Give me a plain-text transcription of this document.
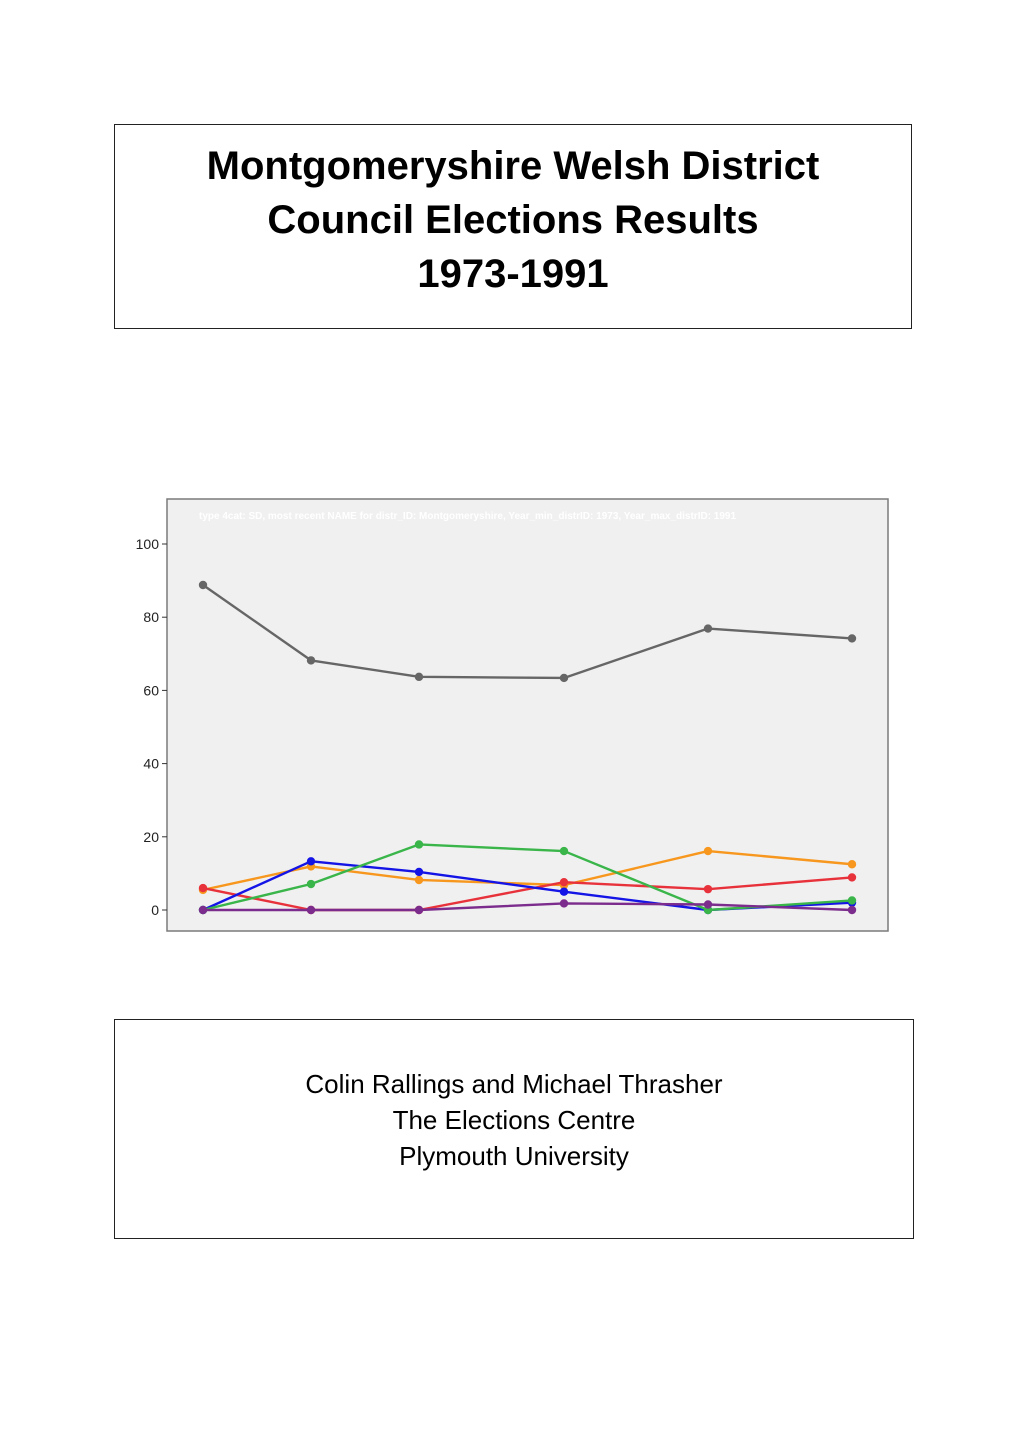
Montgomeryshire Welsh District
Council Elections Results
1973-1991
type 4cat: SD, most recent NAME for distr_ID: Montgomeryshire, Year_min_distrID: 1973, Year_max_distrID: 1991
0
20
40
60
80
100
Colin Rallings and Michael Thrasher
The Elections Centre
Plymouth University
